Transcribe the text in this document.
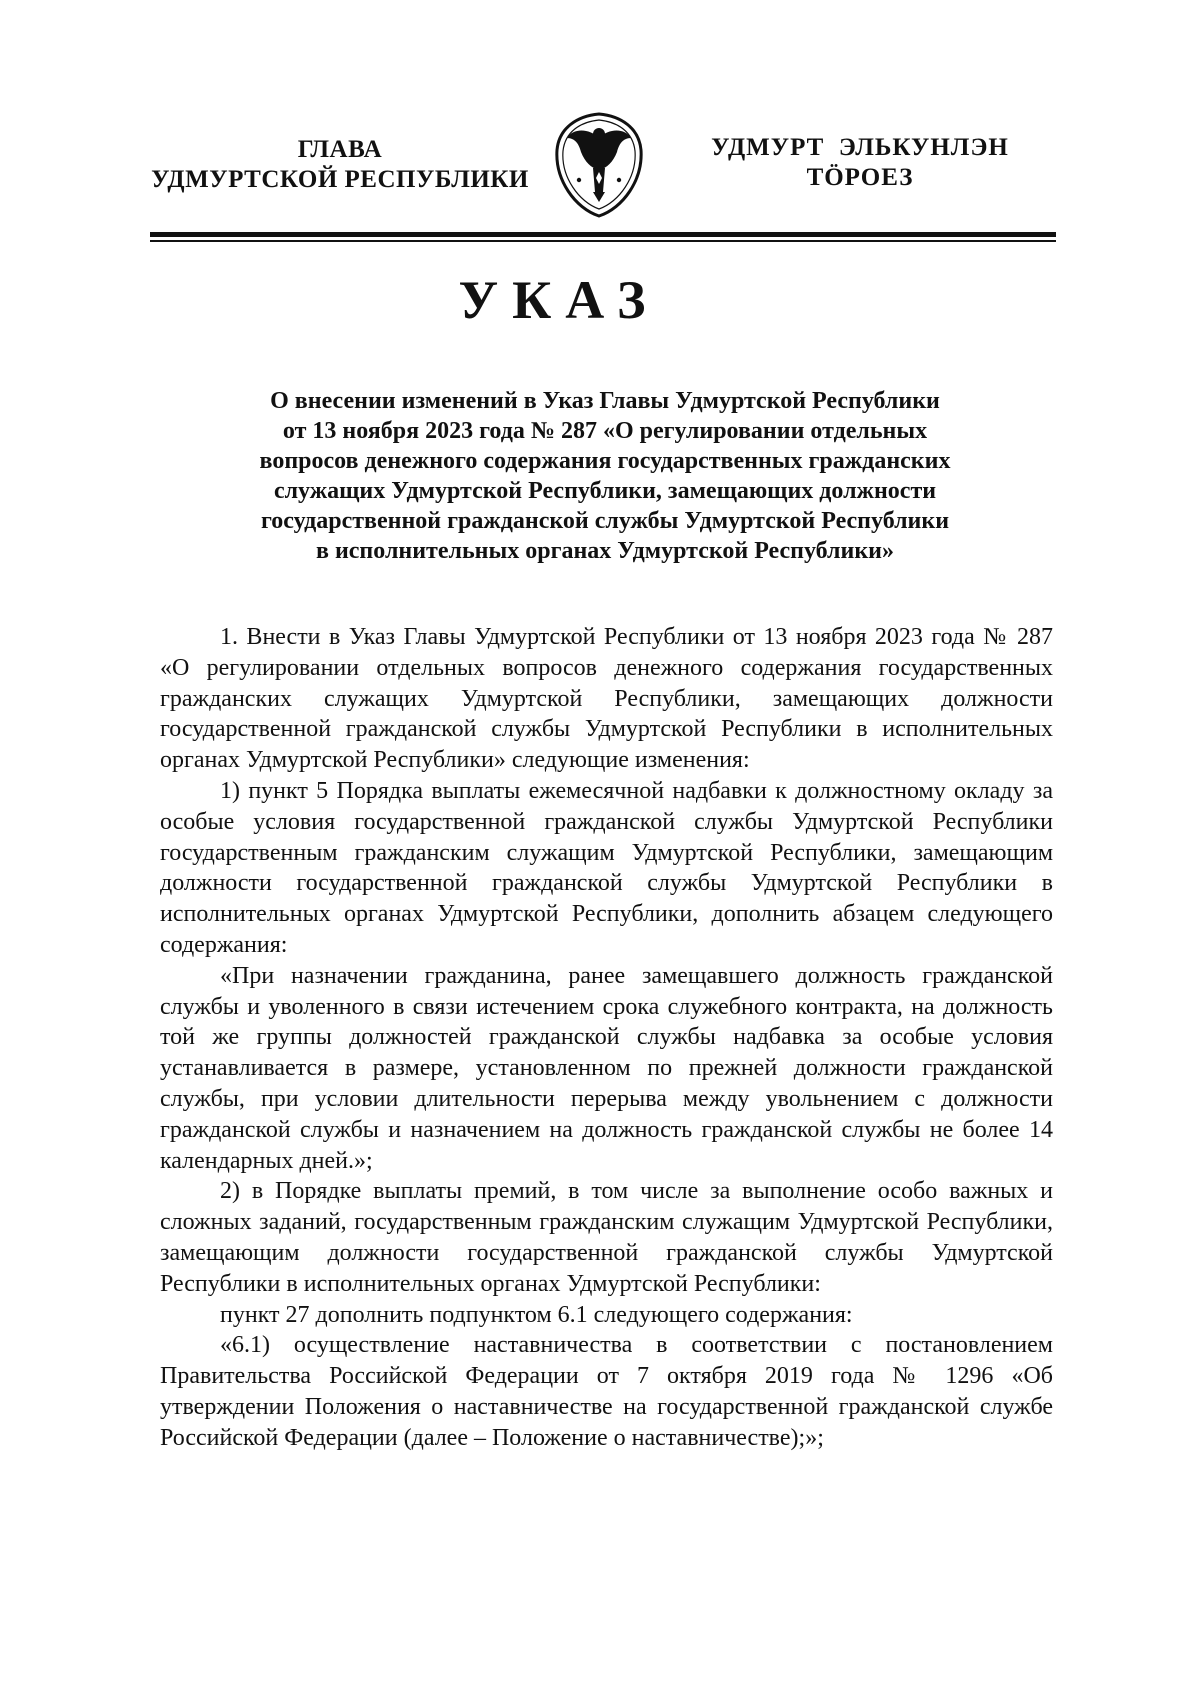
ГЛАВА
УДМУРТСКОЙ РЕСПУБЛИКИ
УДМУРТ  ЭЛЬКУНЛЭН
ТӦРОЕЗ
УКАЗ
О внесении изменений в Указ Главы Удмуртской Республики
от 13 ноября 2023 года № 287 «О регулировании отдельных
вопросов денежного содержания государственных гражданских
служащих Удмуртской Республики, замещающих должности
государственной гражданской службы Удмуртской Республики
в исполнительных органах Удмуртской Республики»

1. Внести в Указ Главы Удмуртской Республики от 13 ноября 2023 года № 287 «О регулировании отдельных вопросов денежного содержания государственных гражданских служащих Удмуртской Республики, замещающих должности государственной гражданской службы Удмуртской Республики в исполнительных органах Удмуртской Республики» следующие изменения:

1) пункт 5 Порядка выплаты ежемесячной надбавки к должностному окладу за особые условия государственной гражданской службы Удмуртской Республики государственным гражданским служащим Удмуртской Республики, замещающим должности государственной гражданской службы Удмуртской Республики в исполнительных органах Удмуртской Республики, дополнить абзацем следующего содержания:

«При назначении гражданина, ранее замещавшего должность гражданской службы и уволенного в связи истечением срока служебного контракта, на должность той же группы должностей гражданской службы надбавка за особые условия устанавливается в размере, установленном по прежней должности гражданской службы, при условии длительности перерыва между увольнением с должности гражданской службы и назначением на должность гражданской службы не более 14 календарных дней.»;

2) в Порядке выплаты премий, в том числе за выполнение особо важных и сложных заданий, государственным гражданским служащим Удмуртской Республики, замещающим должности государственной гражданской службы Удмуртской Республики в исполнительных органах Удмуртской Республики:

пункт 27 дополнить подпунктом 6.1 следующего содержания:

«6.1) осуществление наставничества в соответствии с постановлением Правительства Российской Федерации от 7 октября 2019 года № 1296 «Об утверждении Положения о наставничестве на государственной гражданской службе Российской Федерации (далее – Положение о наставничестве);»;
